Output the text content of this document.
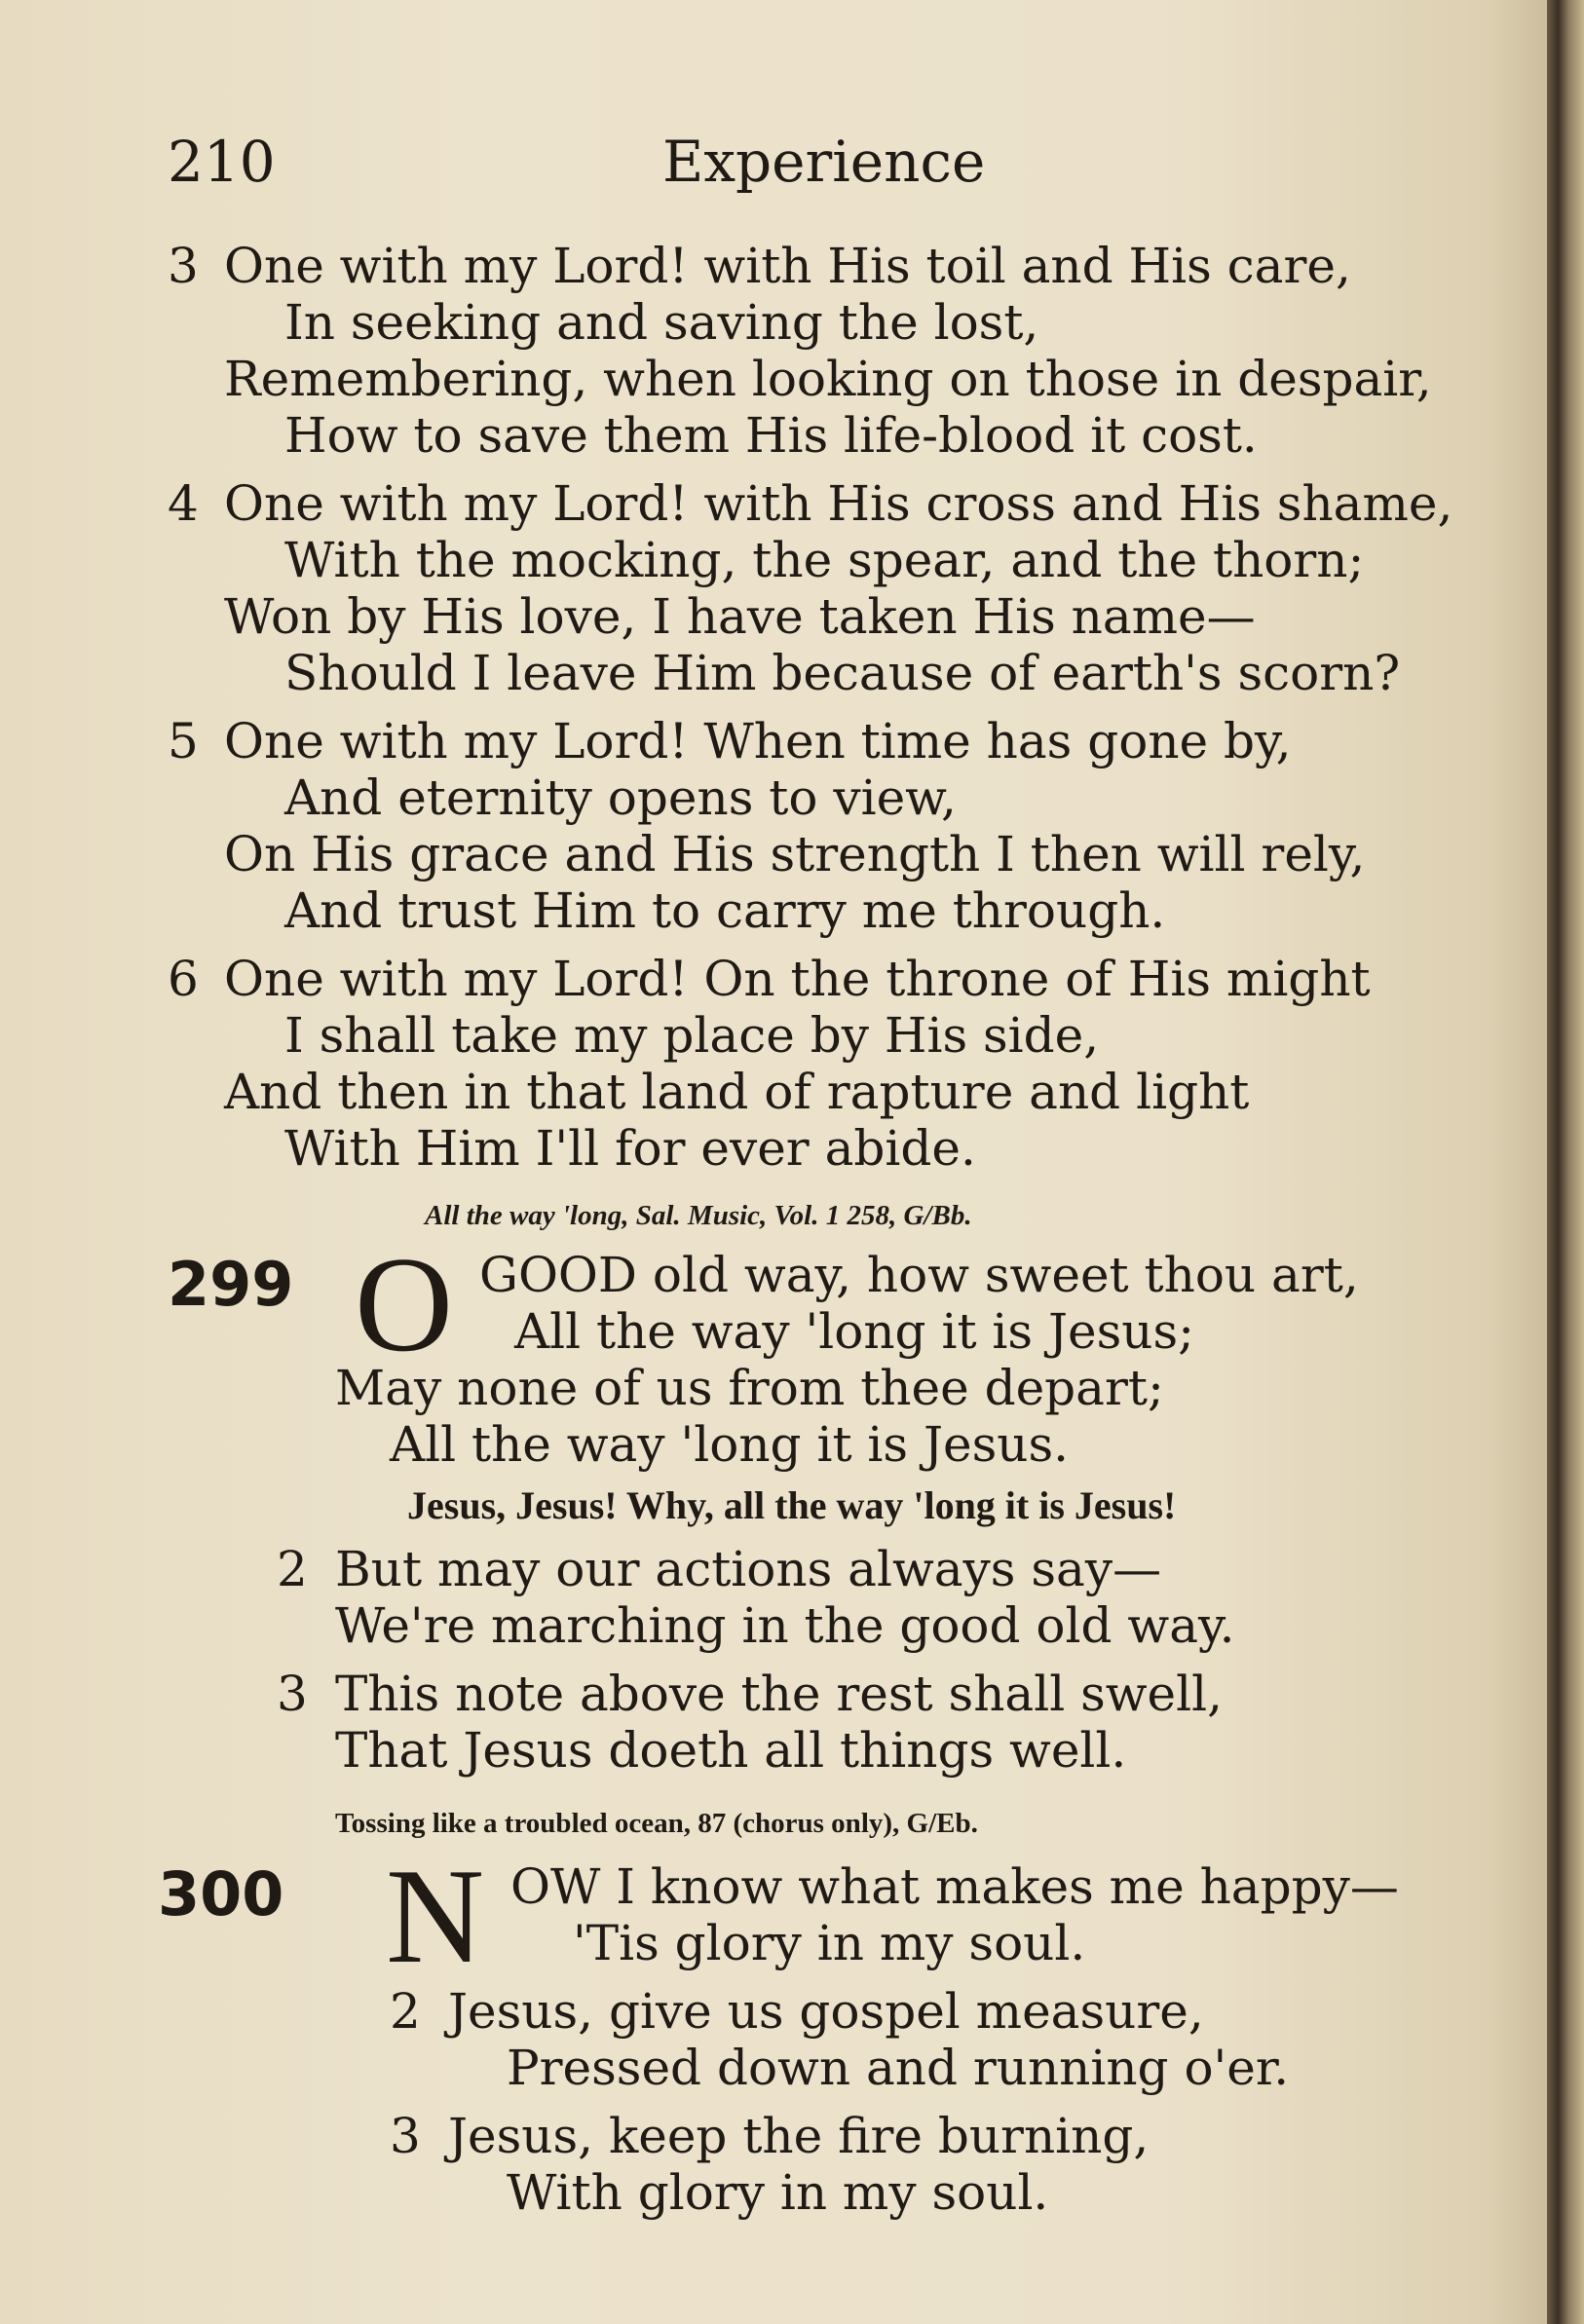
210	Experience
3 One with my Lord! with His toil and His care,
In seeking and saving the lost,
Remembering, when looking on those in despair,
How to save them His life-blood it cost.
4 One with my Lord! with His cross and His shame,
With the mocking, the spear, and the thorn;
Won by His love, I have taken His name—
Should I leave Him because of earth's scorn?
5 One with my Lord! When time has gone by,
And eternity opens to view,
On His grace and His strength I then will rely,
And trust Him to carry me through.
6 One with my Lord! On the throne of His might
I shall take my place by His side,
And then in that land of rapture and light
With Him I'll for ever abide.
All the way 'long, Sal. Music, Vol. 1 258, G/Bb.
299 O GOOD old way, how sweet thou art,
All the way 'long it is Jesus;
May none of us from thee depart;
All the way 'long it is Jesus.
Jesus, Jesus! Why, all the way 'long it is Jesus!
2 But may our actions always say—
We're marching in the good old way.
3 This note above the rest shall swell,
That Jesus doeth all things well.
Tossing like a troubled ocean, 87 (chorus only), G/Eb.
300 N OW I know what makes me happy—
'Tis glory in my soul.
2 Jesus, give us gospel measure,
Pressed down and running o'er.
3 Jesus, keep the fire burning,
With glory in my soul.
